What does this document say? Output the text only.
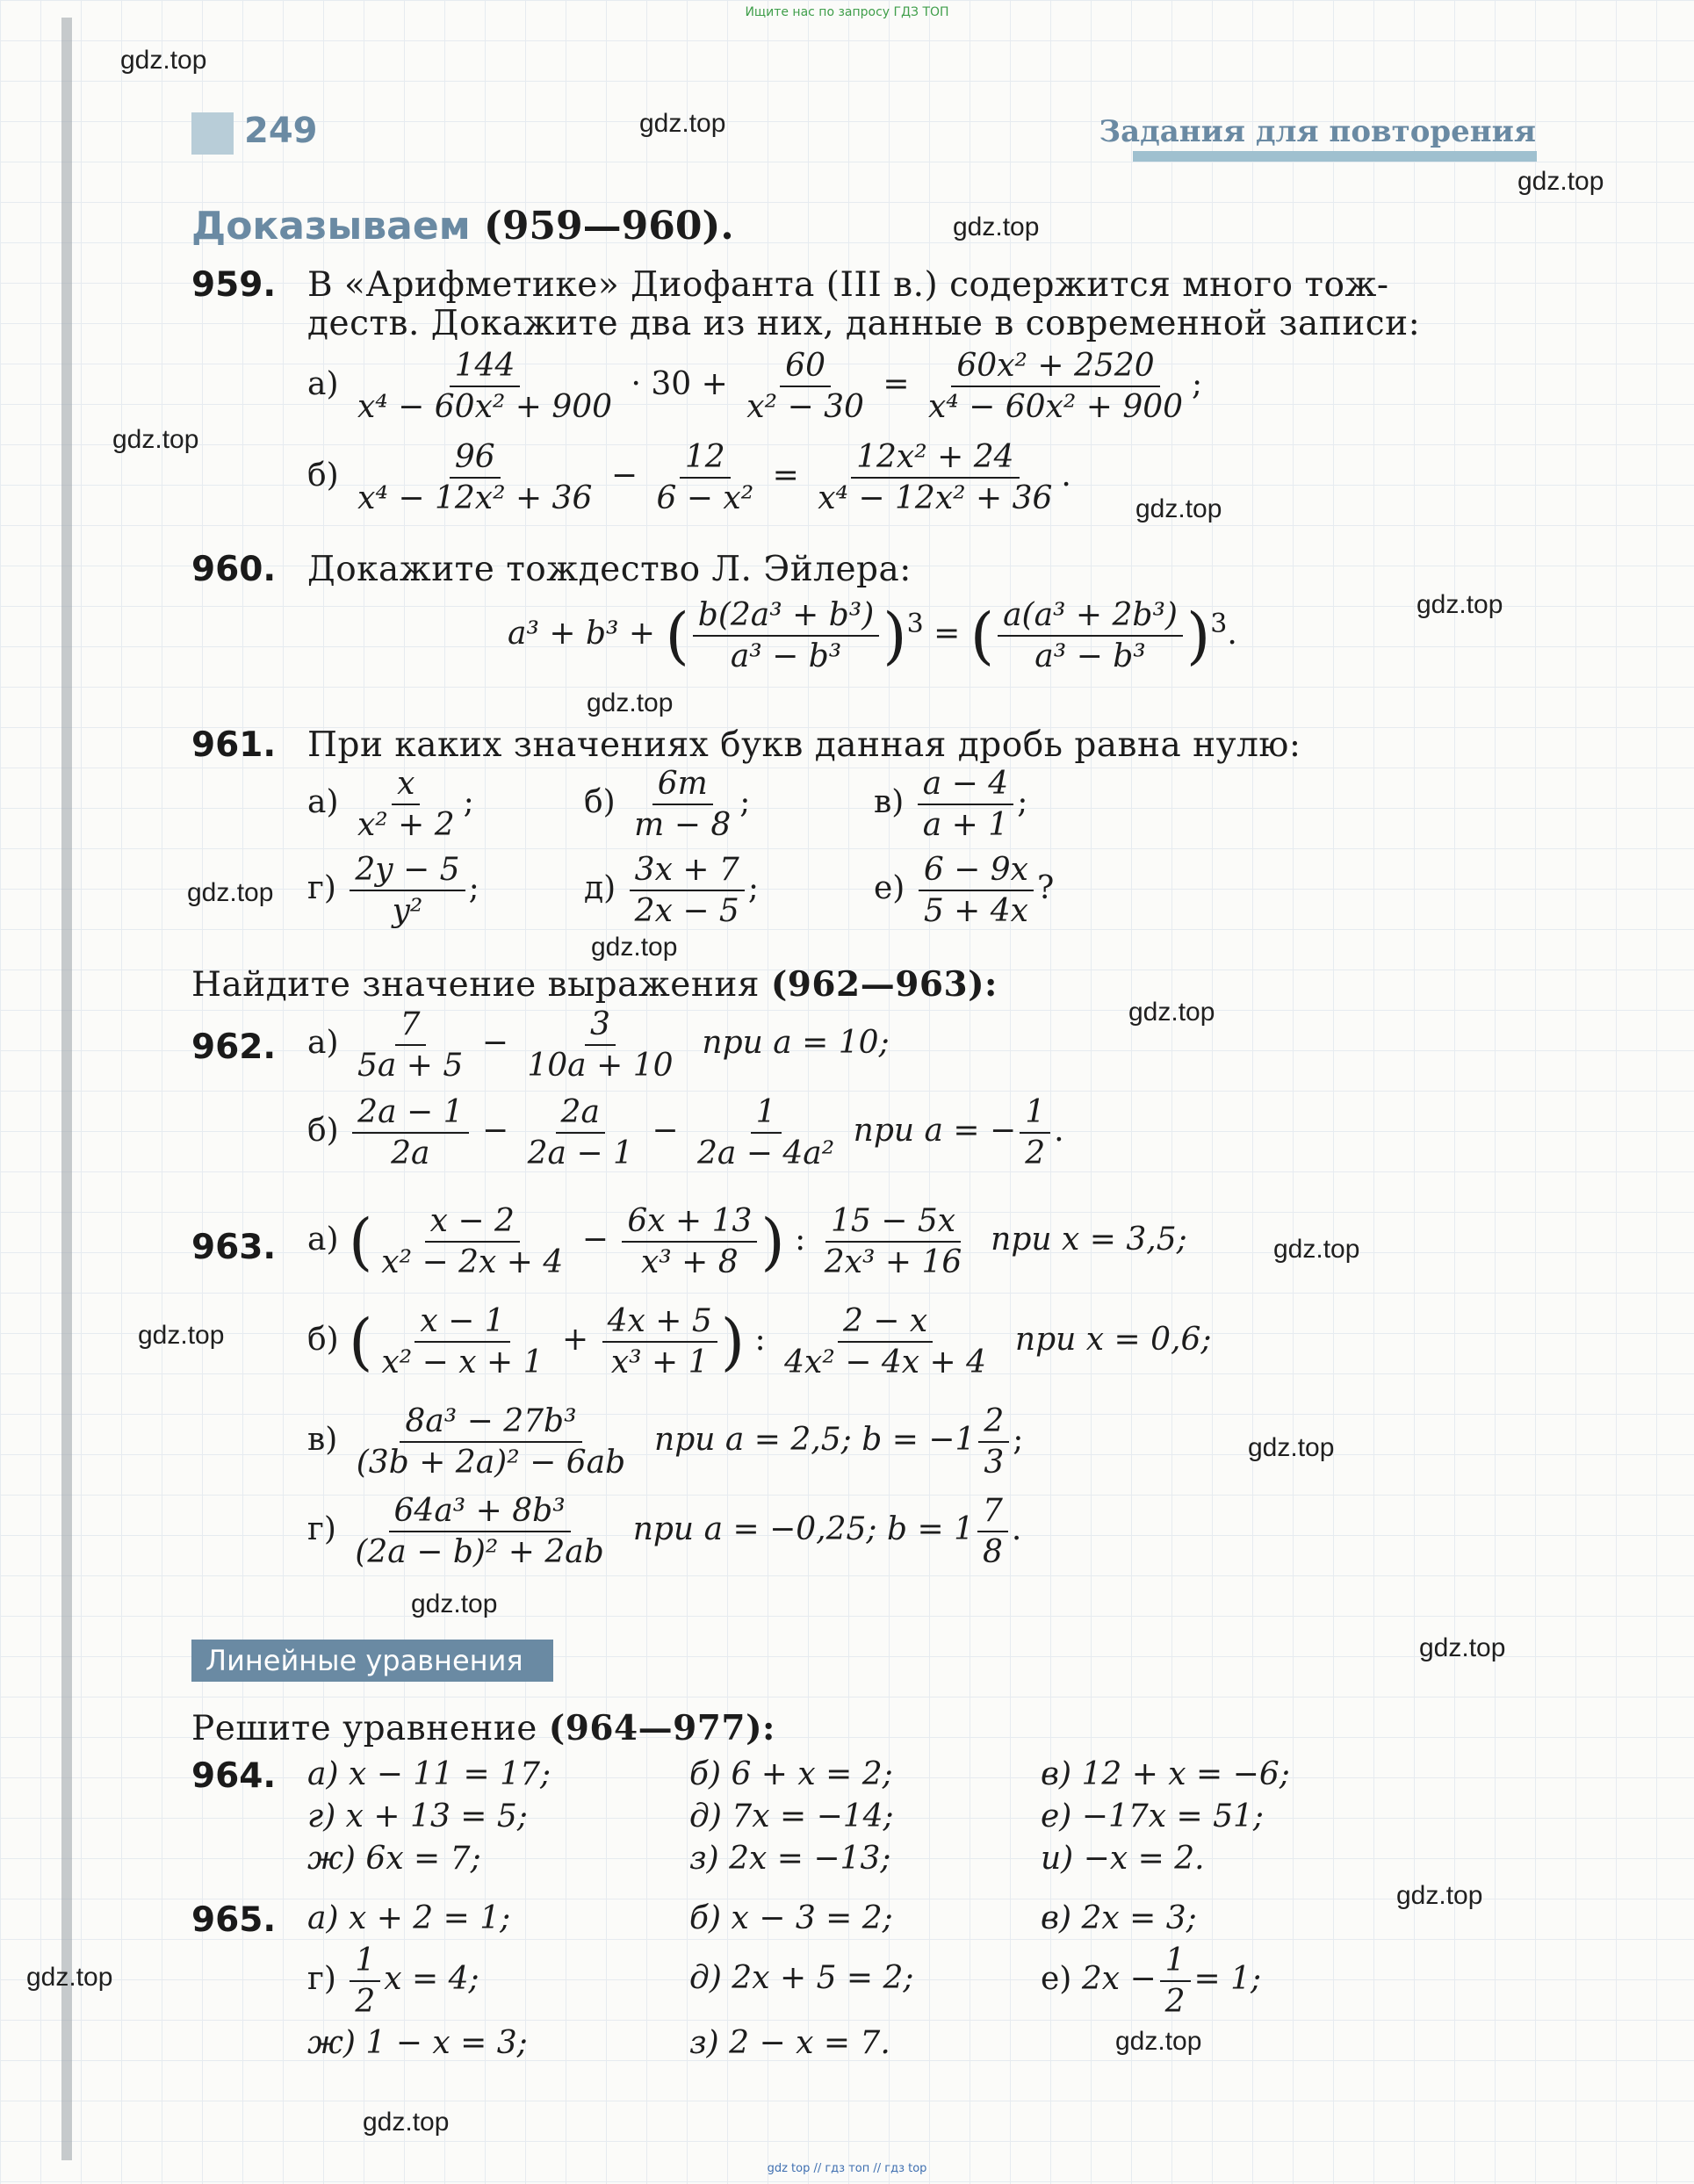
Ищите нас по запросу ГДЗ ТОП
gdz.top
gdz.top
gdz.top
gdz.top
gdz.top
gdz.top
gdz.top
gdz.top
gdz.top
gdz.top
gdz.top
gdz.top
gdz.top
gdz.top
gdz.top
gdz.top
gdz.top
gdz.top
gdz.top
gdz.top
249	Задания для повторения
Доказываем (959—960).
959. В «Арифметике» Диофанта (III в.) содержится много тож-
деств. Докажите два из них, данные в современной записи:
$а) \frac{144}{\text{x⁴ − 60x² + 900}} \cdot 30 + \frac{60}{\text{x² − 30}} = \frac{\text{60x² + 2520}}{\text{x⁴ − 60x² + 900}}$ ;
$б) \frac{96}{\text{x⁴ − 12x² + 36}} - \frac{12}{\text{6 − x²}} = \frac{\text{12x² + 24}}{\text{x⁴ − 12x² + 36}}$ .
960. Докажите тождество Л. Эйлера:
a³ + b³ + ( $\frac{\text{b(2a³ + b³)}}{\text{a³ − b³}} )^3$ = ( $\frac{\text{a(a³ + 2b³)}}{\text{a³ − b³}} )^3$.
961. При каких значениях букв данная дробь равна нулю:
$а) \frac{x}{\text{x² + 2}}$ ;	$б) \frac{6m}{m - 8}$ ;	$в) \frac{a - 4}{a + 1}$ ;
$г) \frac{2y - 5}{\text{y²}}$ ;	$д) \frac{3x + 7}{2x - 5}$ ;	$е) \frac{6 - 9x}{5 + 4x}$ ?
Найдите значение выражения (962—963):
962. $а) \frac{7}{5a + 5} - \frac{3}{10a + 10}$ при a = 10;
$б) \frac{2a - 1}{2a} - \frac{2a}{2a - 1} - \frac{1}{\text{2a − 4a²}}$ при a = − $\frac{1}{2}$ .
963. а) ( $\frac{x - 2}{\text{x² − 2x + 4}} - \frac{6x + 13}{\text{x³ + 8}}$ ) : $\frac{15 - 5x}{\text{2x³ + 16}}$ при x = 3,5;
б) ( $\frac{x - 1}{\text{x² − x + 1}} + \frac{4x + 5}{\text{x³ + 1}}$ ) : $\frac{2 - x}{\text{4x² − 4x + 4}}$ при x = 0,6;
$в) \frac{\text{8a³ − 27b³}}{\text{(3b + 2a)² − 6ab}}$ при a = 2,5; $b = -1 \frac{2}{3}$ ;
$г) \frac{\text{64a³ + 8b³}}{\text{(2a − b)² + 2ab}}$ при a = −0,25; $b = 1 \frac{7}{8}$ .
Линейные уравнения
Решите уравнение (964—977):
964. а) x − 11 = 17;	б) 6 + x = 2;	в) 12 + x = −6;
г) x + 13 = 5;	д) 7x = −14;	е) −17x = 51;
ж) 6x = 7;	з) 2x = −13;	и) −x = 2.
965. а) x + 2 = 1;	б) x − 3 = 2;	в) 2x = 3;
$г) \frac{1}{2}$ x = 4;	д) 2x + 5 = 2;	е) $2x - \frac{1}{2} = 1$;
ж) 1 − x = 3;	з) 2 − x = 7.
gdz top // гдз топ // гдз top
